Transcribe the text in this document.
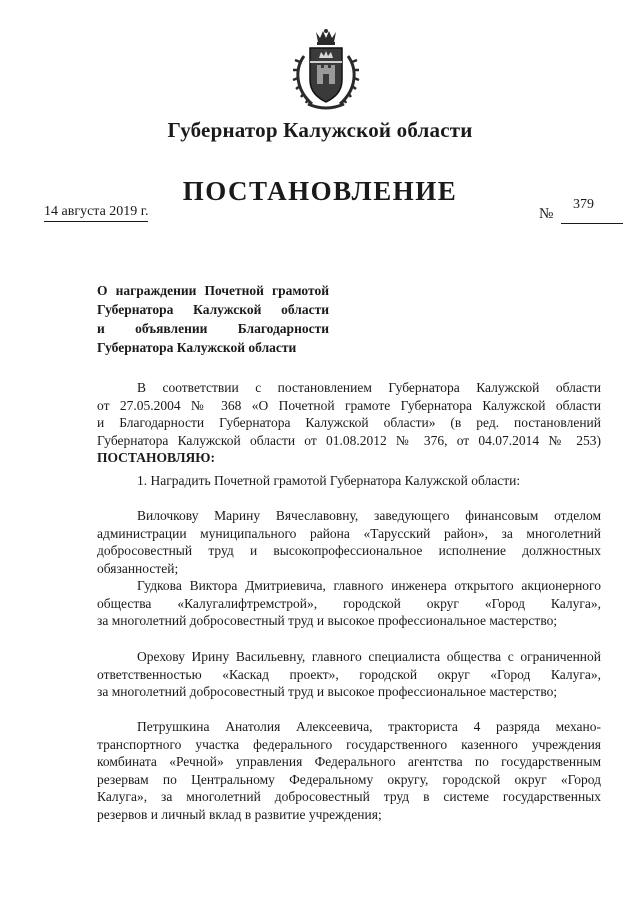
Губернатор Калужской области
ПОСТАНОВЛЕНИЕ
14 августа 2019 г.	№
379
О награждении Почетной грамотой
Губернатора Калужской области
и объявлении Благодарности
Губернатора Калужской области
В соответствии с постановлением Губернатора Калужской области
от 27.05.2004 № 368 «О Почетной грамоте Губернатора Калужской области
и Благодарности Губернатора Калужской области» (в ред. постановлений
Губернатора Калужской области от 01.08.2012 № 376, от 04.07.2014 № 253)
ПОСТАНОВЛЯЮ:
1. Наградить Почетной грамотой Губернатора Калужской области:
Вилочкову Марину Вячеславовну, заведующего финансовым отделом
администрации муниципального района «Тарусский район», за многолетний
добросовестный труд и высокопрофессиональное исполнение должностных
обязанностей;
Гудкова Виктора Дмитриевича, главного инженера открытого акционерного
общества «Калугалифтремстрой», городской округ «Город Калуга»,
за многолетний добросовестный труд и высокое профессиональное мастерство;
Орехову Ирину Васильевну, главного специалиста общества с ограниченной
ответственностью «Каскад проект», городской округ «Город Калуга»,
за многолетний добросовестный труд и высокое профессиональное мастерство;
Петрушкина Анатолия Алексеевича, тракториста 4 разряда механо-
транспортного участка федерального государственного казенного учреждения
комбината «Речной» управления Федерального агентства по государственным
резервам по Центральному Федеральному округу, городской округ «Город
Калуга», за многолетний добросовестный труд в системе государственных
резервов и личный вклад в развитие учреждения;
